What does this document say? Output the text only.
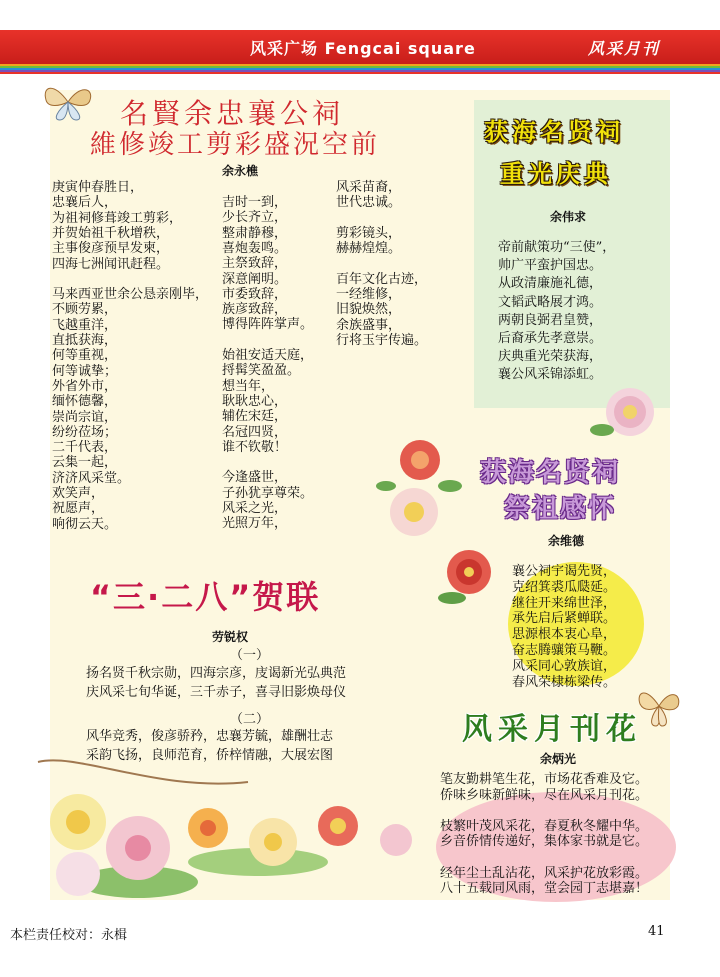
风采广场 Fengcai square	风采月刊
名賢余忠襄公祠
維修竣工剪彩盛況空前
余永樵
庚寅仲春胜日，
忠襄后人，
为祖祠修葺竣工剪彩，
并贺始祖千秋增秩，
主事俊彦预早发柬，
四海七洲闻讯赶程。
马来西亚世余公恳亲刚毕，
不顾劳累，
飞越重洋，
直抵获海，
何等重视，
何等诚挚；
外省外市，
缅怀德馨，
崇尚宗谊，
纷纷莅场；
二千代表，
云集一起，
济济风采堂。
欢笑声，
祝愿声，
响彻云天。
吉时一到，
少长齐立，
整肃静穆，
喜炮轰鸣。
主祭致辞，
深意阐明。
市委致辞，
族彦致辞，
博得阵阵掌声。
始祖安适天庭，
捋髯笑盈盈。
想当年，
耿耿忠心，
辅佐宋廷，
名冠四贤，
谁不钦敬！
今逢盛世，
子孙犹享尊荣。
风采之光，
光照万年，
风采苗裔，
世代忠诚。
剪彩镜头，
赫赫煌煌。
百年文化古迹，
一经维修，
旧貌焕然，
余族盛事，
行将玉宇传遍。
获海名贤祠
重光庆典
余伟求
帝前献策功“三使”，
帅广平蛮护国忠。
从政清廉施礼德，
文韬武略展才鸿。
两朝良弼君皇赞，
后裔承先孝意崇。
庆典重光荣获海，
襄公风采锦添虹。
获海名贤祠
祭祖感怀
余维德
襄公祠宇谒先贤，
克绍箕裘瓜瓞延。
继往开来绵世泽，
承先启后紧蝉联。
思源根本衷心阜，
奋志腾骧策马鞭。
风采同心敦族谊，
春风荣棣栋梁传。
“三·二八”贺联
劳锐权
（一）
扬名贤千秋宗勋，四海宗彦，庋谒新光弘典范
庆风采七旬华诞，三千赤子，喜寻旧影焕母仪
（二）
风华竞秀，俊彦骄矜，忠襄芳毓，雄酬壮志
采韵飞扬，良师范育，侨梓情融，大展宏图
风采月刊花
余炳光
笔友勤耕笔生花，市场花香难及它。
侨味乡味新鲜味，尽在风采月刊花。
枝繁叶茂风采花，春夏秋冬耀中华。
乡音侨情传递好，集体家书就是它。
经年尘土乱沾花，风采护花放彩霞。
八十五载同风雨，堂会园丁志堪嘉！
本栏责任校对：永楫	41
